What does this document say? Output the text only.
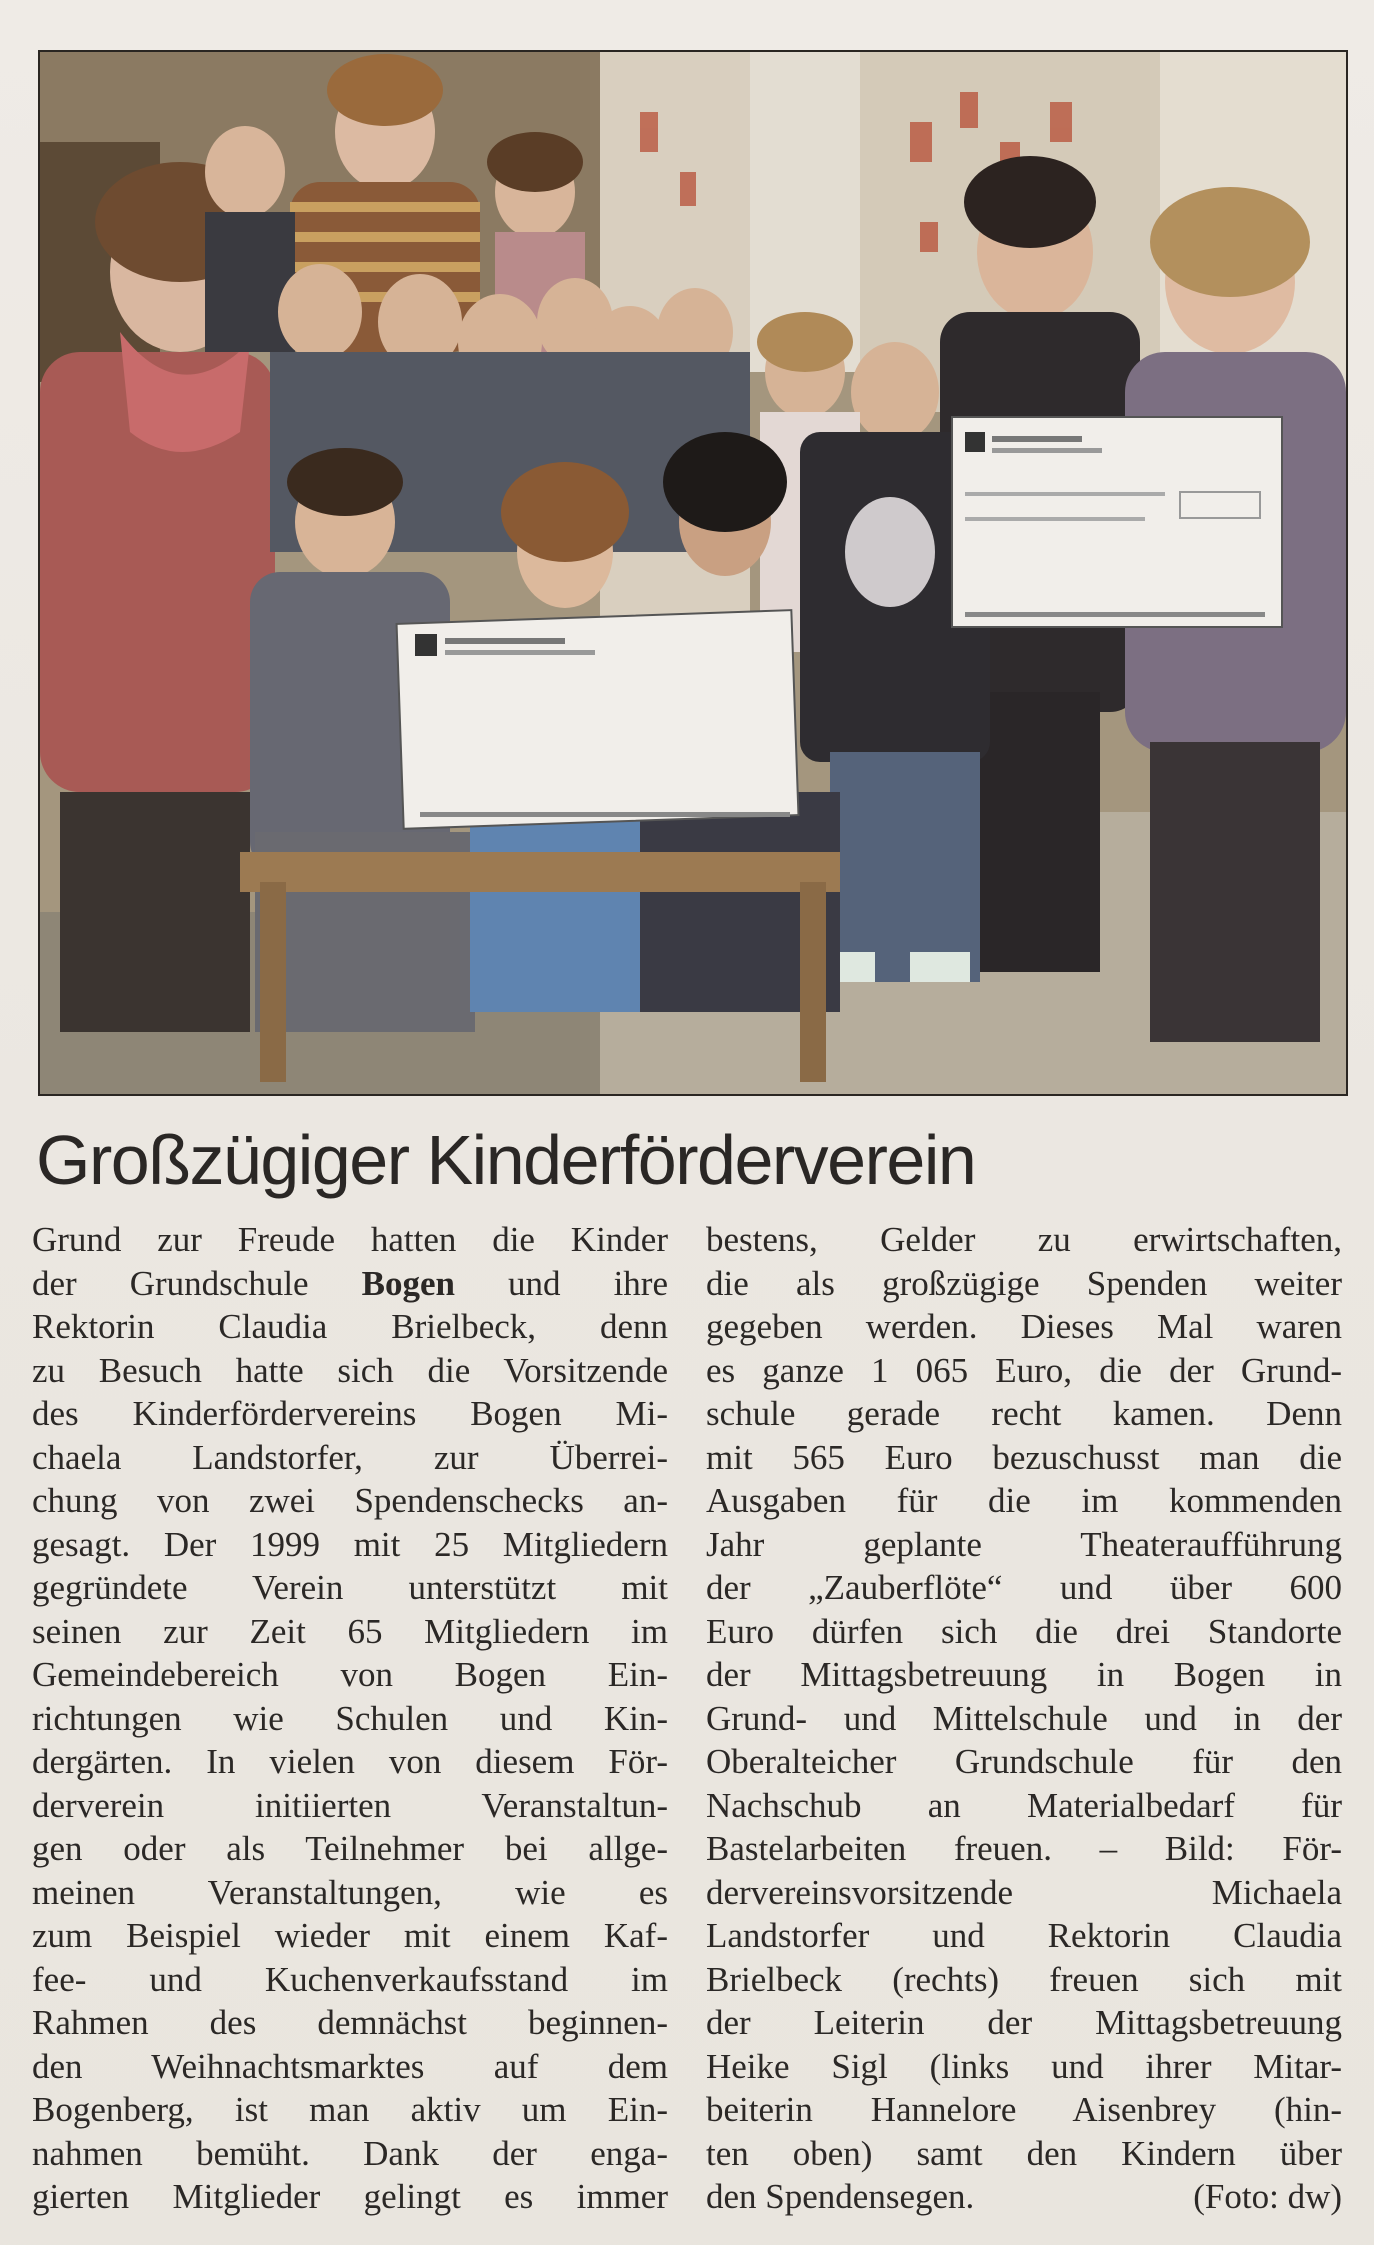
Großzügiger Kinderförderverein
Grund zur Freude hatten die Kinder
der Grundschule Bogen und ihre
Rektorin Claudia Brielbeck, denn
zu Besuch hatte sich die Vorsitzende
des Kinderfördervereins Bogen Mi-
chaela Landstorfer, zur Überrei-
chung von zwei Spendenschecks an-
gesagt. Der 1999 mit 25 Mitgliedern
gegründete Verein unterstützt mit
seinen zur Zeit 65 Mitgliedern im
Gemeindebereich von Bogen Ein-
richtungen wie Schulen und Kin-
dergärten. In vielen von diesem För-
derverein initiierten Veranstaltun-
gen oder als Teilnehmer bei allge-
meinen Veranstaltungen, wie es
zum Beispiel wieder mit einem Kaf-
fee- und Kuchenverkaufsstand im
Rahmen des demnächst beginnen-
den Weihnachtsmarktes auf dem
Bogenberg, ist man aktiv um Ein-
nahmen bemüht. Dank der enga-
gierten Mitglieder gelingt es immer
bestens, Gelder zu erwirtschaften,
die als großzügige Spenden weiter
gegeben werden. Dieses Mal waren
es ganze 1 065 Euro, die der Grund-
schule gerade recht kamen. Denn
mit 565 Euro bezuschusst man die
Ausgaben für die im kommenden
Jahr geplante Theateraufführung
der „Zauberflöte“ und über 600
Euro dürfen sich die drei Standorte
der Mittagsbetreuung in Bogen in
Grund- und Mittelschule und in der
Oberalteicher Grundschule für den
Nachschub an Materialbedarf für
Bastelarbeiten freuen. – Bild: För-
dervereinsvorsitzende Michaela
Landstorfer und Rektorin Claudia
Brielbeck (rechts) freuen sich mit
der Leiterin der Mittagsbetreuung
Heike Sigl (links und ihrer Mitar-
beiterin Hannelore Aisenbrey (hin-
ten oben) samt den Kindern über
den Spendensegen.	(Foto: dw)
